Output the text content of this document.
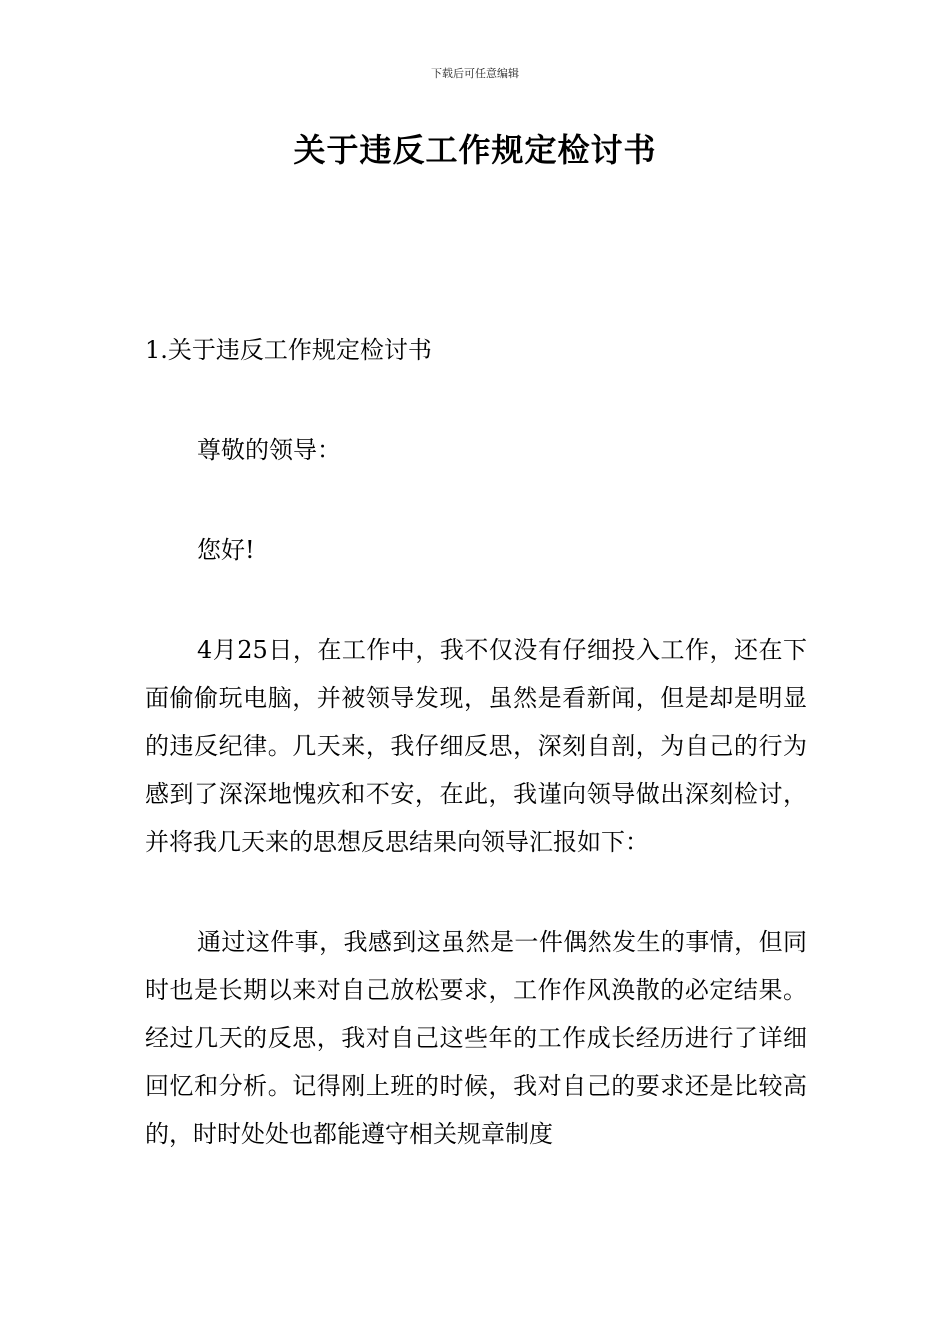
下载后可任意编辑
关于违反工作规定检讨书

1.关于违反工作规定检讨书

尊敬的领导：

您好!

4月25日，在工作中，我不仅没有仔细投入工作，还在下面偷偷玩电脑，并被领导发现，虽然是看新闻，但是却是明显的违反纪律。几天来，我仔细反思，深刻自剖，为自己的行为感到了深深地愧疚和不安，在此，我谨向领导做出深刻检讨，并将我几天来的思想反思结果向领导汇报如下：

通过这件事，我感到这虽然是一件偶然发生的事情，但同时也是长期以来对自己放松要求，工作作风涣散的必定结果。经过几天的反思，我对自己这些年的工作成长经历进行了详细回忆和分析。记得刚上班的时候，我对自己的要求还是比较高的，时时处处也都能遵守相关规章制度
